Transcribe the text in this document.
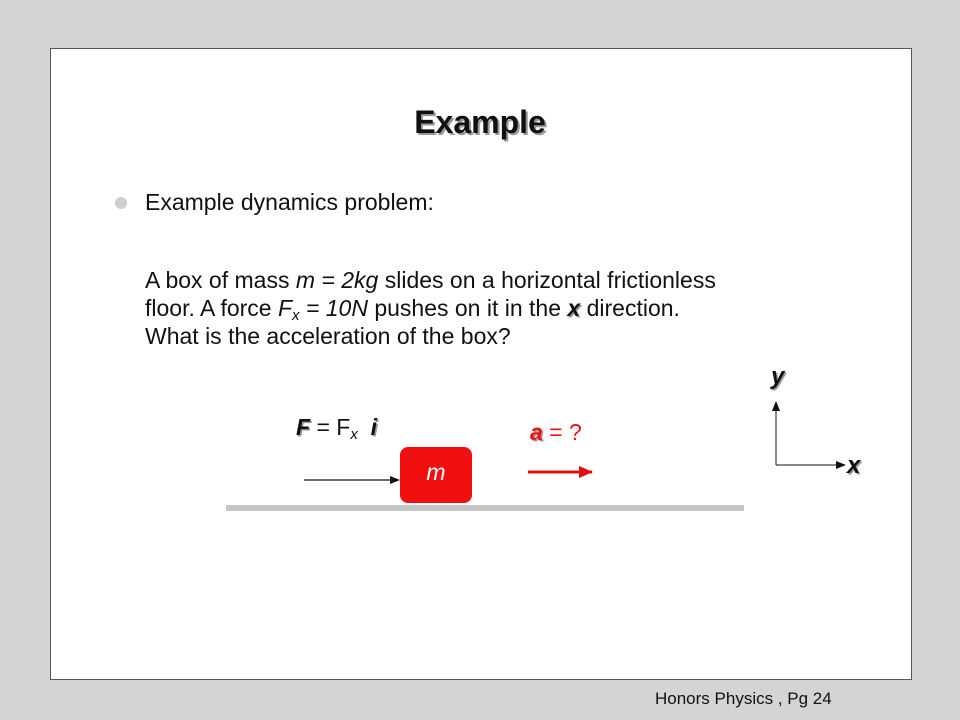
Example
Example dynamics problem:
A box of mass m = 2kg slides on a horizontal frictionless
floor. A force $F_x = 10N$ pushes on it in the x direction.
What is the acceleration of the box?
$F = F_x$ i	a = ?
m
y
x
Honors Physics , Pg 24
